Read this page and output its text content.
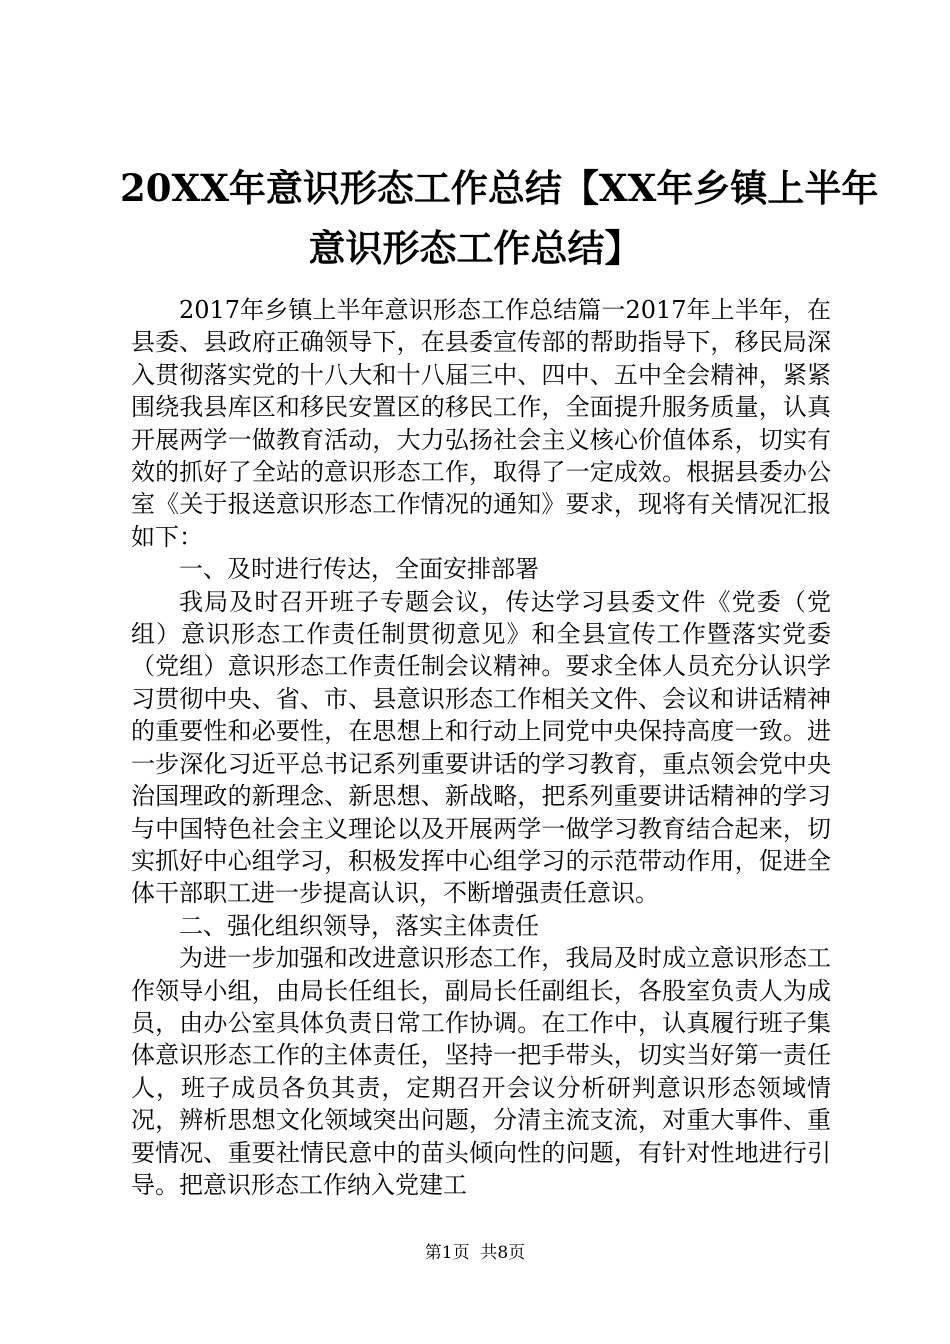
20XX年意识形态工作总结【XX年乡镇上半年
意识形态工作总结】

2017年乡镇上半年意识形态工作总结篇一2017年上半年，在县委、县政府正确领导下，在县委宣传部的帮助指导下，移民局深入贯彻落实党的十八大和十八届三中、四中、五中全会精神，紧紧围绕我县库区和移民安置区的移民工作，全面提升服务质量，认真开展两学一做教育活动，大力弘扬社会主义核心价值体系，切实有效的抓好了全站的意识形态工作，取得了一定成效。根据县委办公室《关于报送意识形态工作情况的通知》要求，现将有关情况汇报如下：

一、及时进行传达，全面安排部署

我局及时召开班子专题会议，传达学习县委文件《党委（党组）意识形态工作责任制贯彻意见》和全县宣传工作暨落实党委（党组）意识形态工作责任制会议精神。要求全体人员充分认识学习贯彻中央、省、市、县意识形态工作相关文件、会议和讲话精神的重要性和必要性，在思想上和行动上同党中央保持高度一致。进一步深化习近平总书记系列重要讲话的学习教育，重点领会党中央治国理政的新理念、新思想、新战略，把系列重要讲话精神的学习与中国特色社会主义理论以及开展两学一做学习教育结合起来，切实抓好中心组学习，积极发挥中心组学习的示范带动作用，促进全体干部职工进一步提高认识，不断增强责任意识。

二、强化组织领导，落实主体责任

为进一步加强和改进意识形态工作，我局及时成立意识形态工作领导小组，由局长任组长，副局长任副组长，各股室负责人为成员，由办公室具体负责日常工作协调。在工作中，认真履行班子集体意识形态工作的主体责任，坚持一把手带头，切实当好第一责任人，班子成员各负其责，定期召开会议分析研判意识形态领域情况，辨析思想文化领域突出问题，分清主流支流，对重大事件、重要情况、重要社情民意中的苗头倾向性的问题，有针对性地进行引导。把意识形态工作纳入党建工

第1页 共8页
